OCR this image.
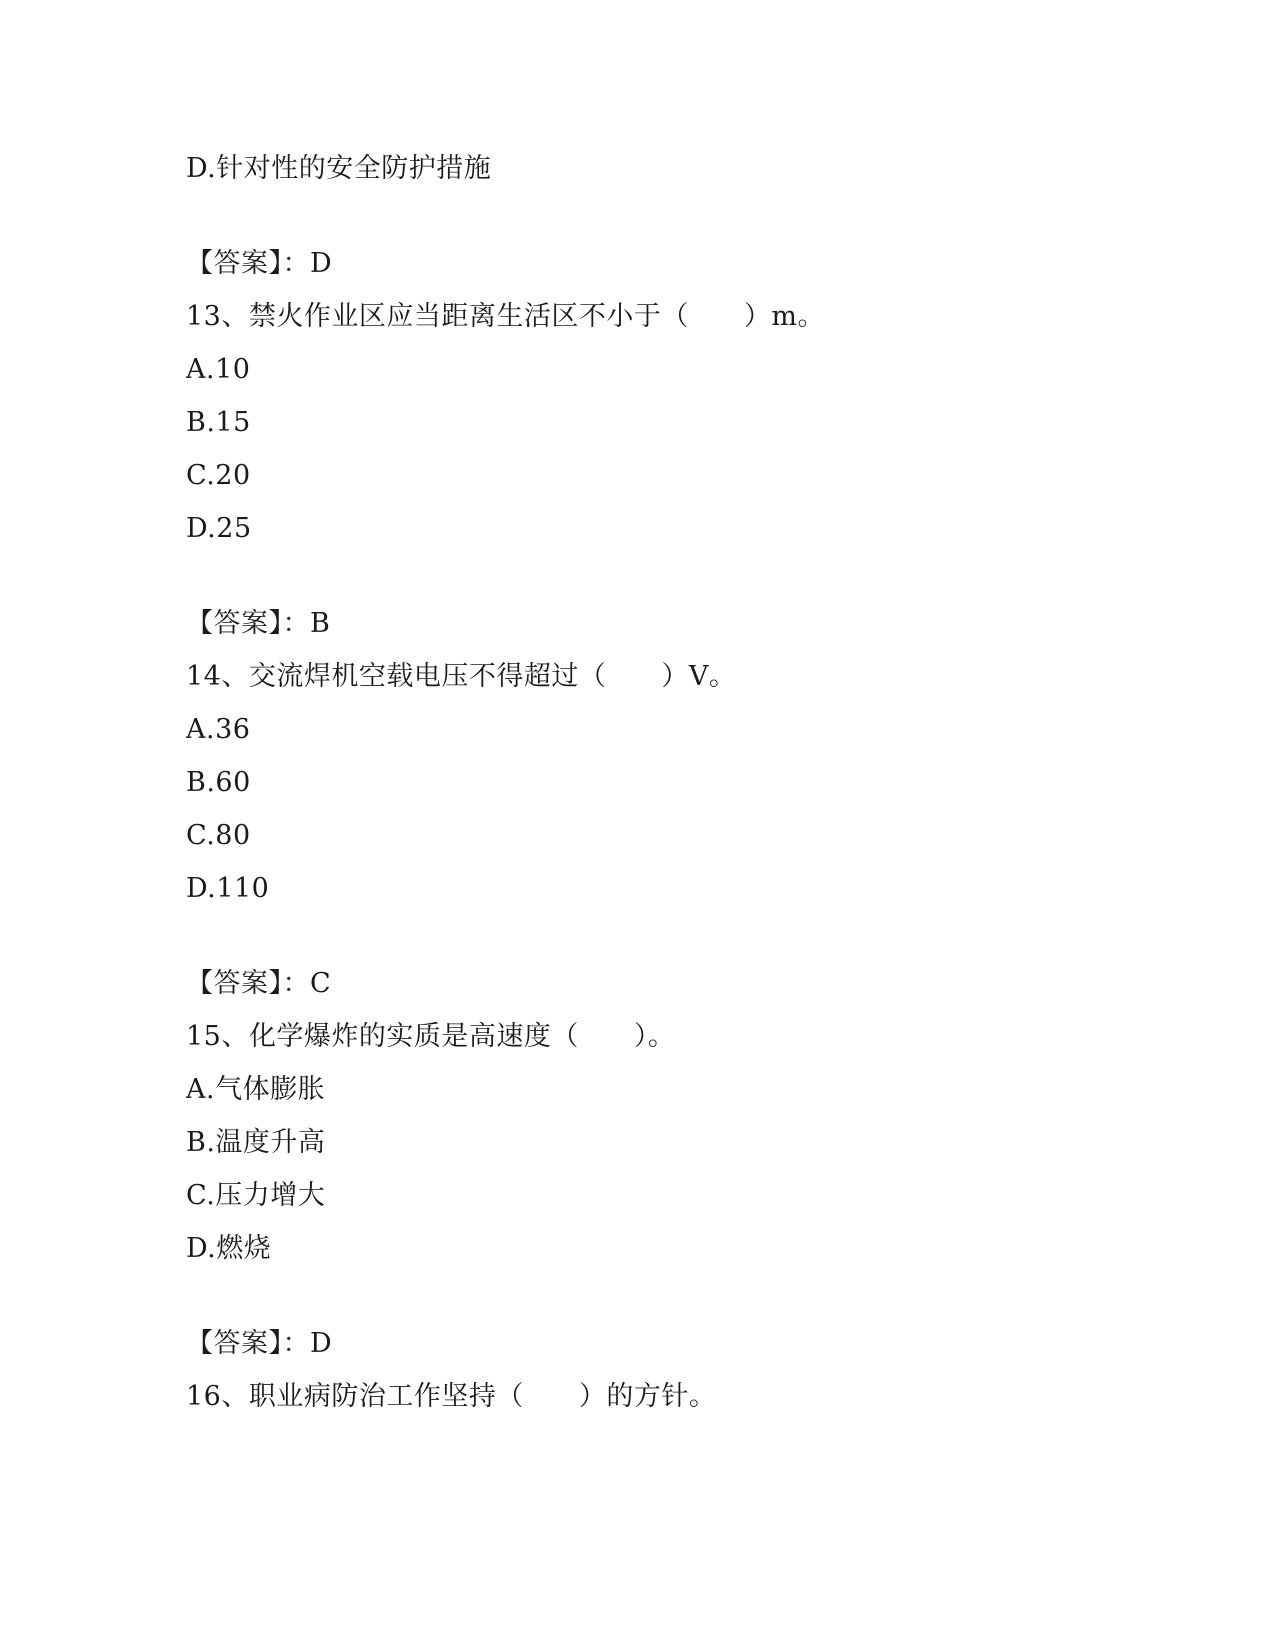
D.针对性的安全防护措施
【答案】：D
13、禁火作业区应当距离生活区不小于（　　）m。
A.10
B.15
C.20
D.25
【答案】：B
14、交流焊机空载电压不得超过（　　）V。
A.36
B.60
C.80
D.110
【答案】：C
15、化学爆炸的实质是高速度（　　）。
A.气体膨胀
B.温度升高
C.压力增大
D.燃烧
【答案】：D
16、职业病防治工作坚持（　　）的方针。
